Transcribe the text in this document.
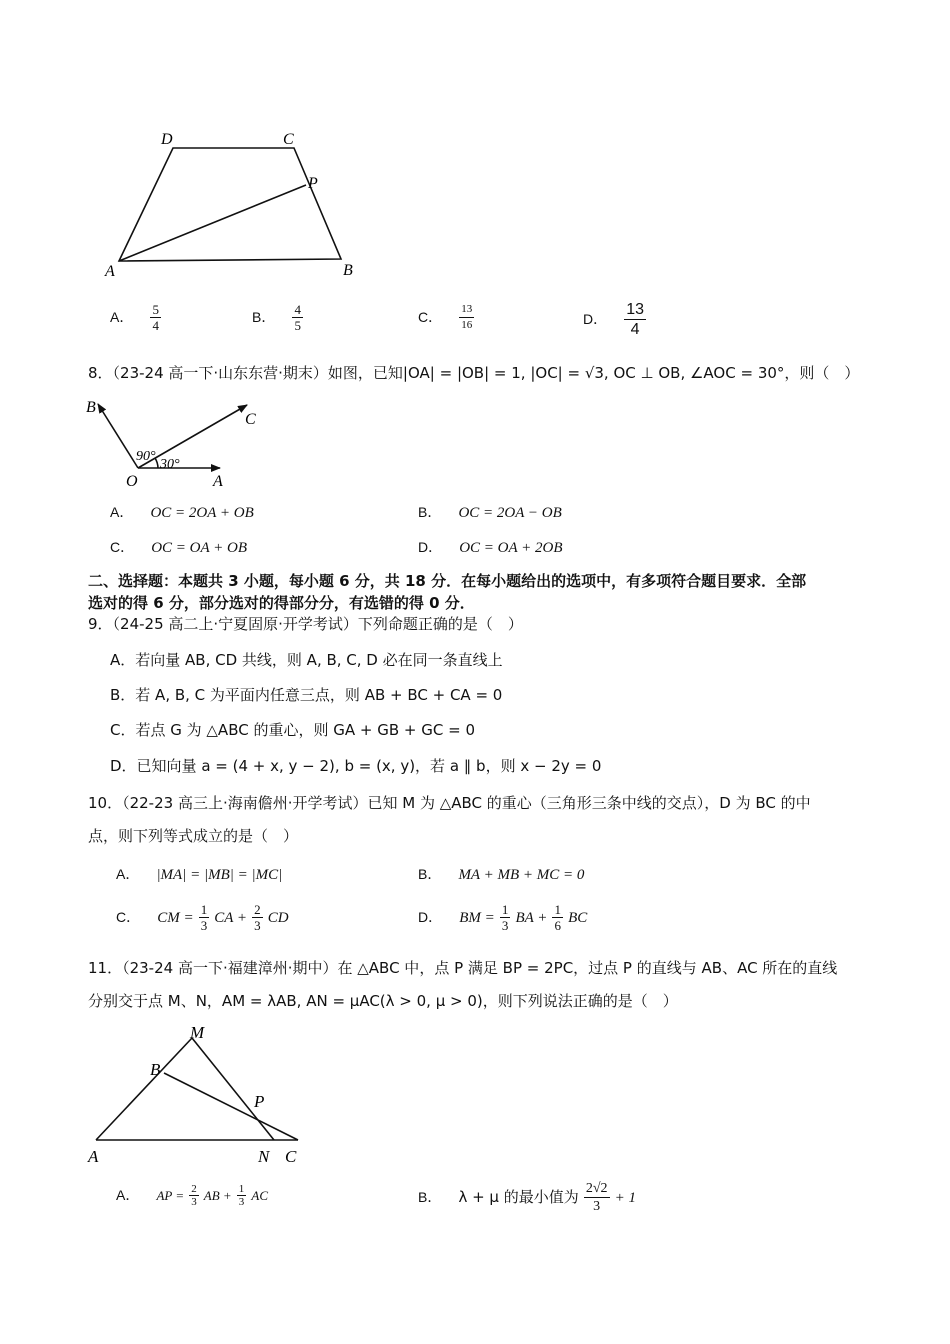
D	C
P
A	B
A． $\frac{5}{4}$	B． $\frac{4}{5}$	C． $\frac{13}{16}$	D． $\frac{13}{4}$
8．（23-24 高一下·山东东营·期末）如图，已知|OA| = |OB| = 1, |OC| = √3, OC ⊥ OB, ∠AOC = 30°，则（　）
B
C
O	A
90°
30°
A． OC = 2OA + OB	B． OC = 2OA − OB
C． OC = OA + OB	D． OC = OA + 2OB
二、选择题：本题共 3 小题，每小题 6 分，共 18 分．在每小题给出的选项中，有多项符合题目要求．全部
选对的得 6 分，部分选对的得部分分，有选错的得 0 分．
9．（24-25 高二上·宁夏固原·开学考试）下列命题正确的是（　）
A．若向量 AB, CD 共线，则 A, B, C, D 必在同一条直线上
B．若 A, B, C 为平面内任意三点，则 AB + BC + CA = 0
C．若点 G 为 △ABC 的重心，则 GA + GB + GC = 0
D．已知向量 a = (4 + x, y − 2), b = (x, y)，若 a ∥ b，则 x − 2y = 0
10．（22-23 高三上·海南儋州·开学考试）已知 M 为 △ABC 的重心（三角形三条中线的交点），D 为 BC 的中
点，则下列等式成立的是（　）
A． |MA| = |MB| = |MC|	B． MA + MB + MC = 0
C． CM = $\frac{1}{3}$ CA + $\frac{2}{3}$ CD	D． BM = $\frac{1}{3}$ BA + $\frac{1}{6}$ BC
11．（23-24 高一下·福建漳州·期中）在 △ABC 中，点 P 满足 BP = 2PC，过点 P 的直线与 AB、AC 所在的直线
分别交于点 M、N，AM = λAB, AN = μAC(λ > 0, μ > 0)，则下列说法正确的是（　）
M
B
P
A	N C
A． AP = $\frac{2}{3}$ AB + $\frac{1}{3}$ AC	B． λ + μ 的最小值为 $\frac{2√2}{3} + 1$
